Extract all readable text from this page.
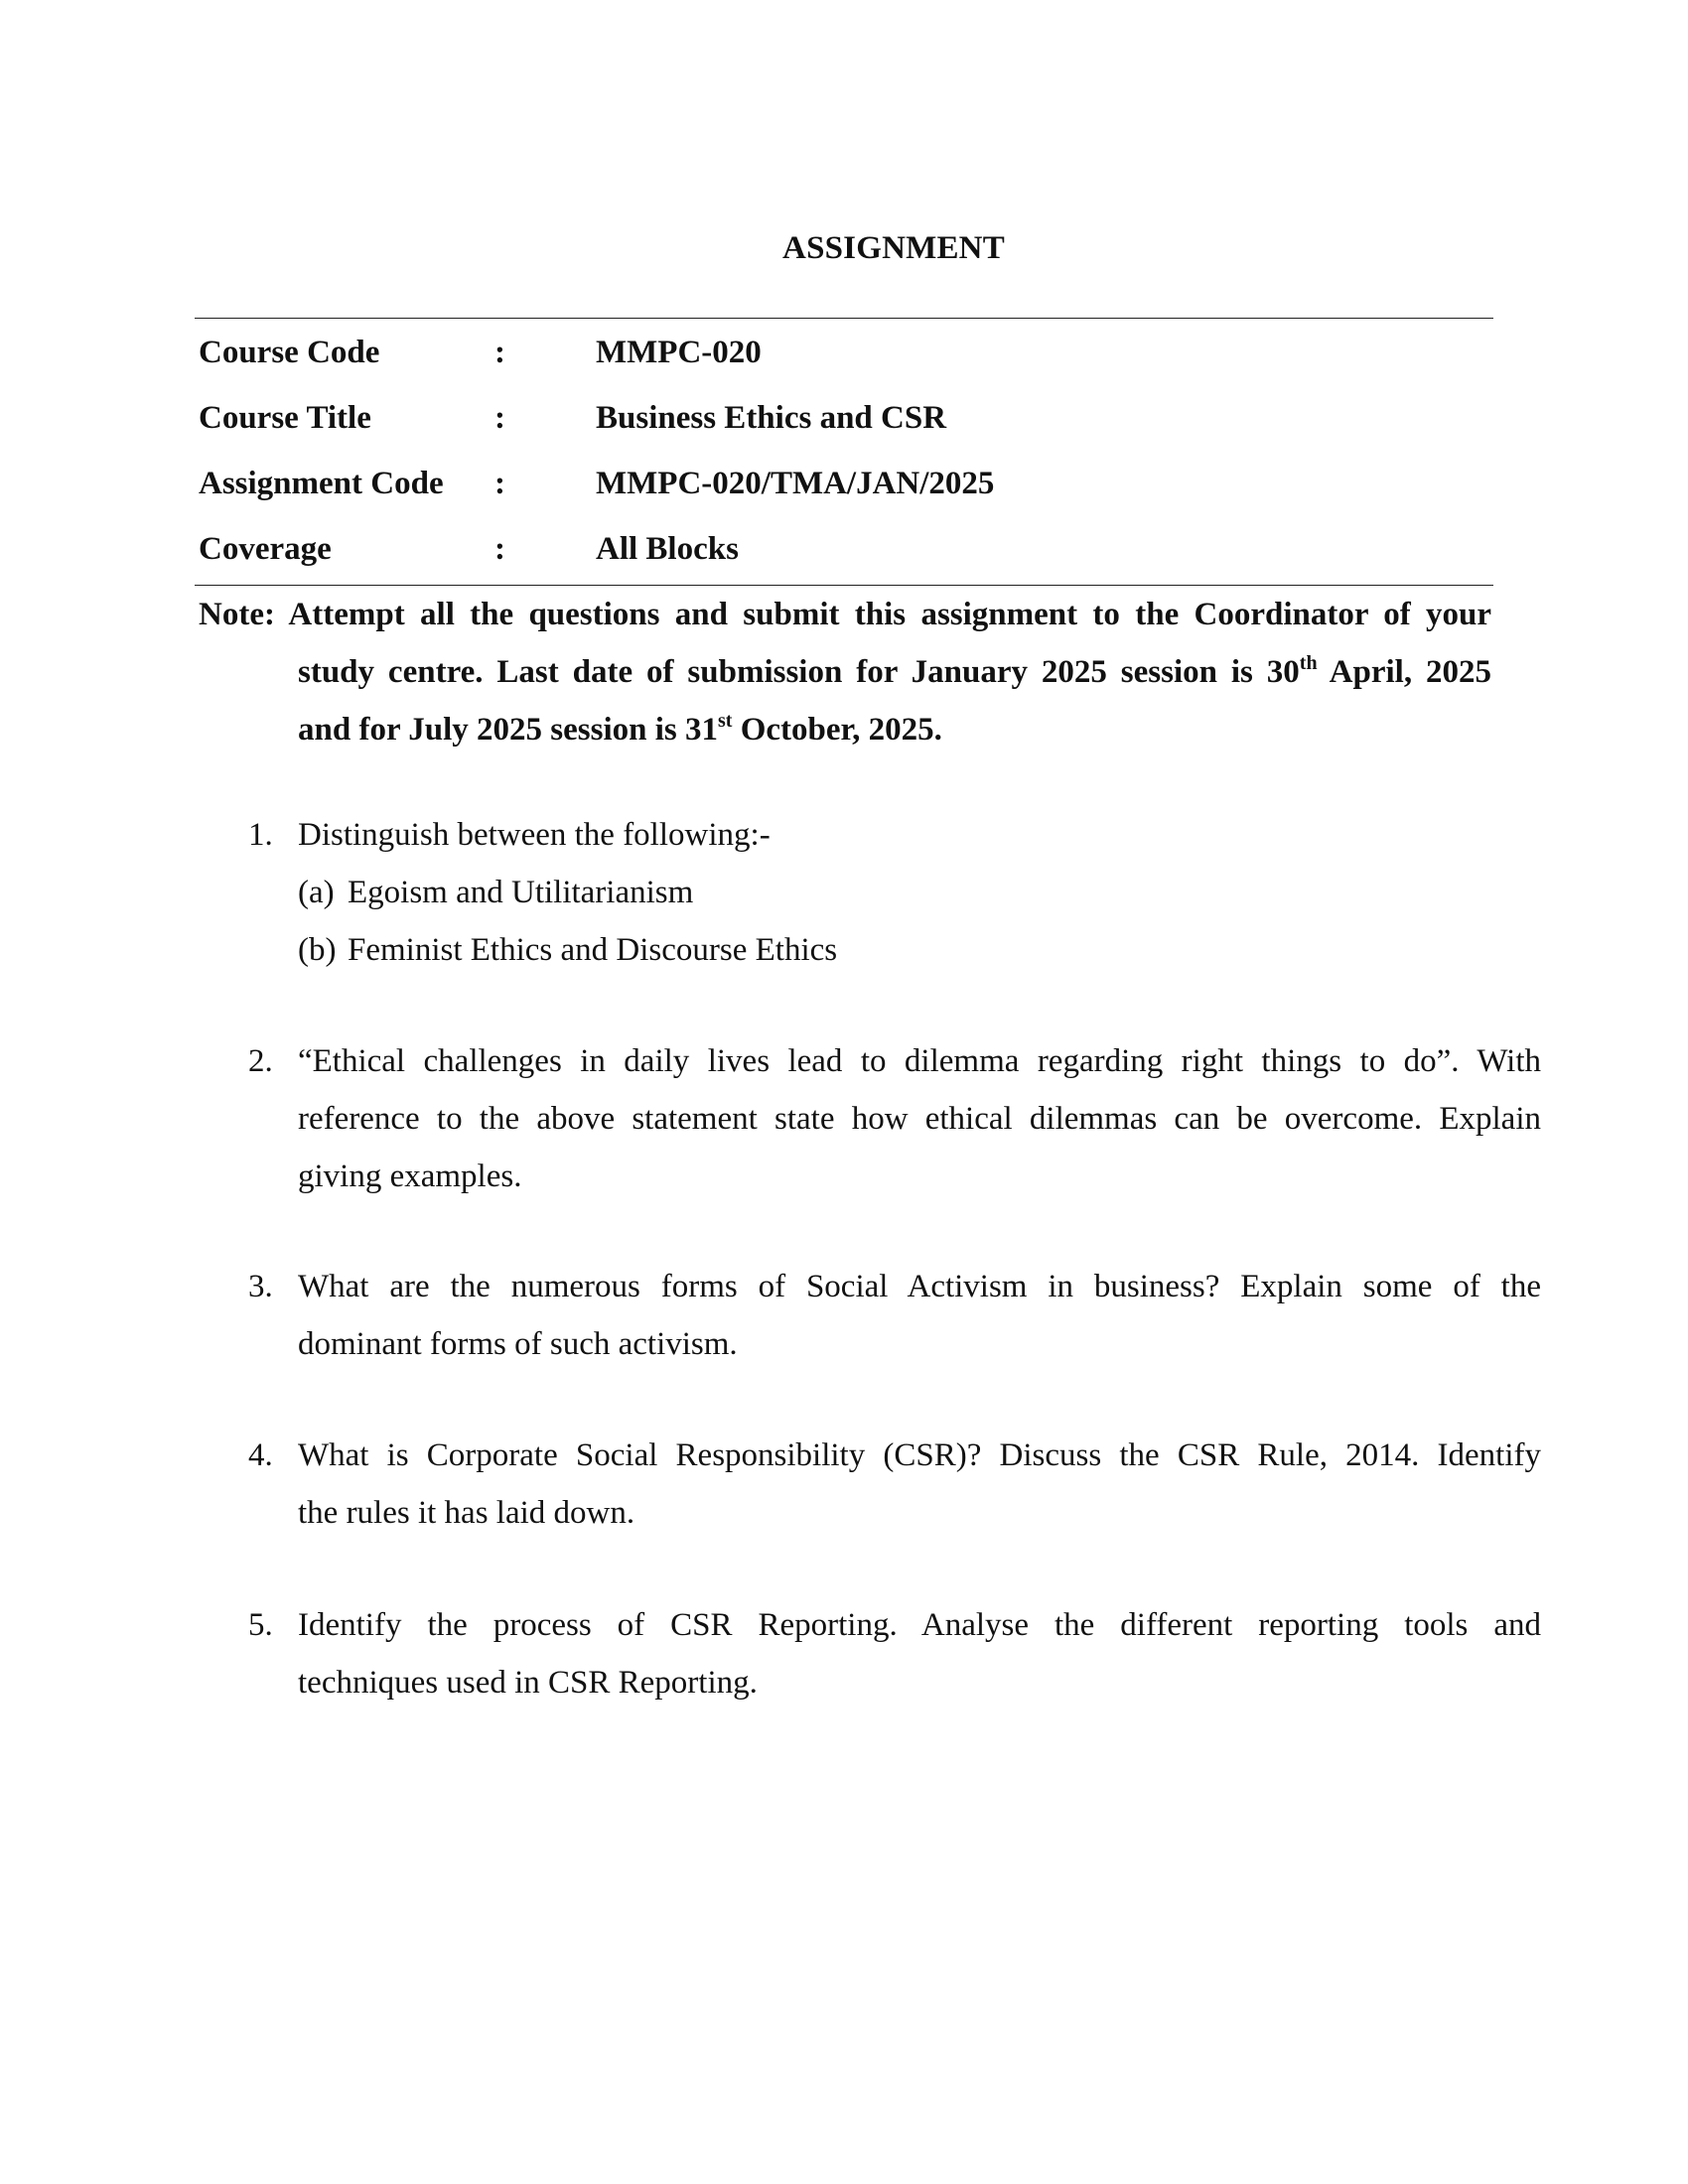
ASSIGNMENT
Course Code	:	MMPC-020
Course Title	:	Business Ethics and CSR
Assignment Code :	MMPC-020/TMA/JAN/2025
Coverage	:	All Blocks
Note: Attempt all the questions and submit this assignment to the Coordinator of your
study centre. Last date of submission for January 2025 session is 30th April, 2025
and for July 2025 session is 31st October, 2025.
1. Distinguish between the following:-
(a) Egoism and Utilitarianism
(b) Feminist Ethics and Discourse Ethics
2. “Ethical challenges in daily lives lead to dilemma regarding right things to do”. With
reference to the above statement state how ethical dilemmas can be overcome. Explain
giving examples.
3. What are the numerous forms of Social Activism in business? Explain some of the
dominant forms of such activism.
4. What is Corporate Social Responsibility (CSR)? Discuss the CSR Rule, 2014. Identify
the rules it has laid down.
5. Identify the process of CSR Reporting. Analyse the different reporting tools and
techniques used in CSR Reporting.
